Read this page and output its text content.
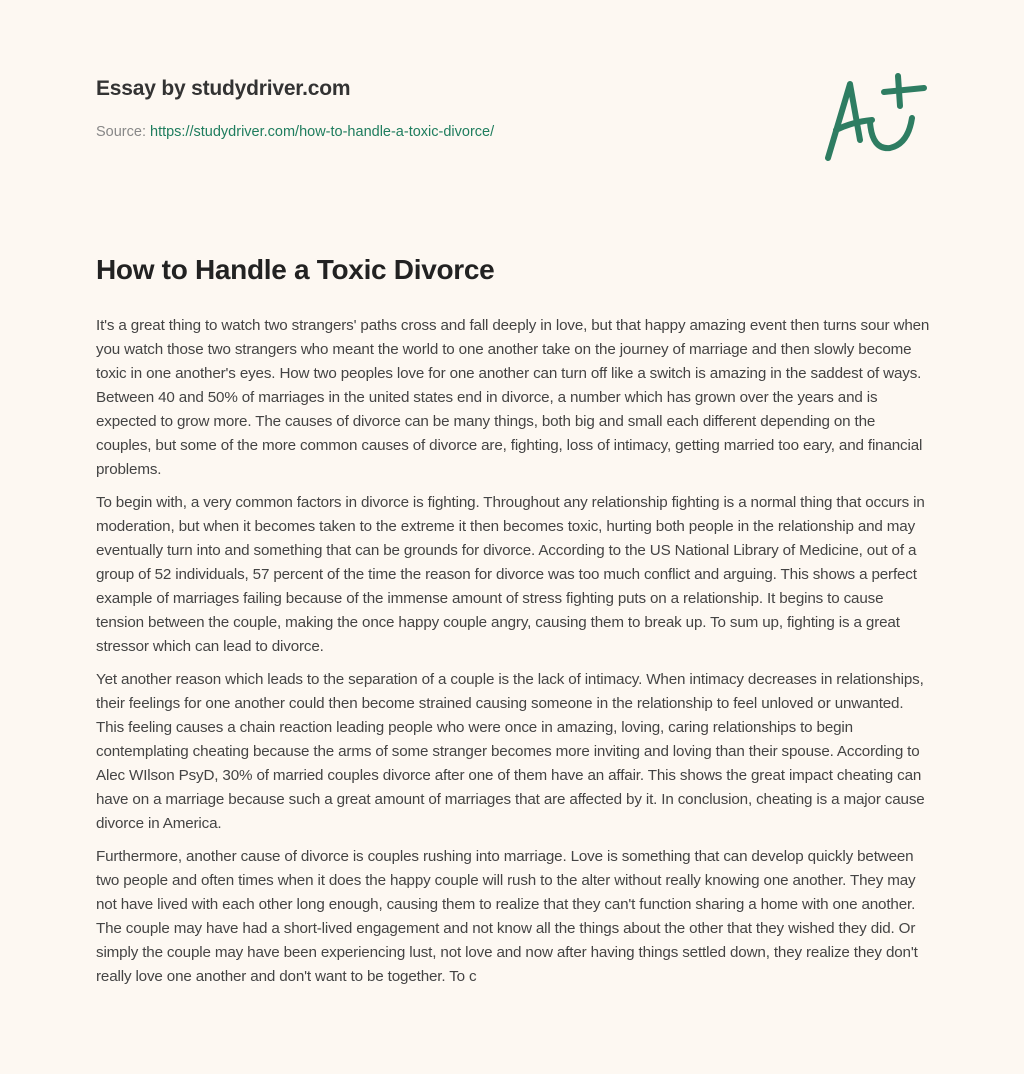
Essay by studydriver.com
Source: https://studydriver.com/how-to-handle-a-toxic-divorce/
How to Handle a Toxic Divorce

It's a great thing to watch two strangers' paths cross and fall deeply in love, but that happy amazing event then turns sour when you watch those two strangers who meant the world to one another take on the journey of marriage and then slowly become toxic in one another's eyes. How two peoples love for one another can turn off like a switch is amazing in the saddest of ways. Between 40 and 50% of marriages in the united states end in divorce, a number which has grown over the years and is expected to grow more. The causes of divorce can be many things, both big and small each different depending on the couples, but some of the more common causes of divorce are, fighting, loss of intimacy, getting married too eary, and financial problems.

To begin with, a very common factors in divorce is fighting. Throughout any relationship fighting is a normal thing that occurs in moderation, but when it becomes taken to the extreme it then becomes toxic, hurting both people in the relationship and may eventually turn into and something that can be grounds for divorce. According to the US National Library of Medicine, out of a group of 52 individuals, 57 percent of the time the reason for divorce was too much conflict and arguing. This shows a perfect example of marriages failing because of the immense amount of stress fighting puts on a relationship. It begins to cause tension between the couple, making the once happy couple angry, causing them to break up. To sum up, fighting is a great stressor which can lead to divorce.

Yet another reason which leads to the separation of a couple is the lack of intimacy. When intimacy decreases in relationships, their feelings for one another could then become strained causing someone in the relationship to feel unloved or unwanted. This feeling causes a chain reaction leading people who were once in amazing, loving, caring relationships to begin contemplating cheating because the arms of some stranger becomes more inviting and loving than their spouse. According to Alec WIlson PsyD, 30% of married couples divorce after one of them have an affair. This shows the great impact cheating can have on a marriage because such a great amount of marriages that are affected by it. In conclusion, cheating is a major cause divorce in America.

Furthermore, another cause of divorce is couples rushing into marriage. Love is something that can develop quickly between two people and often times when it does the happy couple will rush to the alter without really knowing one another. They may not have lived with each other long enough, causing them to realize that they can't function sharing a home with one another. The couple may have had a short-lived engagement and not know all the things about the other that they wished they did. Or simply the couple may have been experiencing lust, not love and now after having things settled down, they realize they don't really love one another and don't want to be together. To c
